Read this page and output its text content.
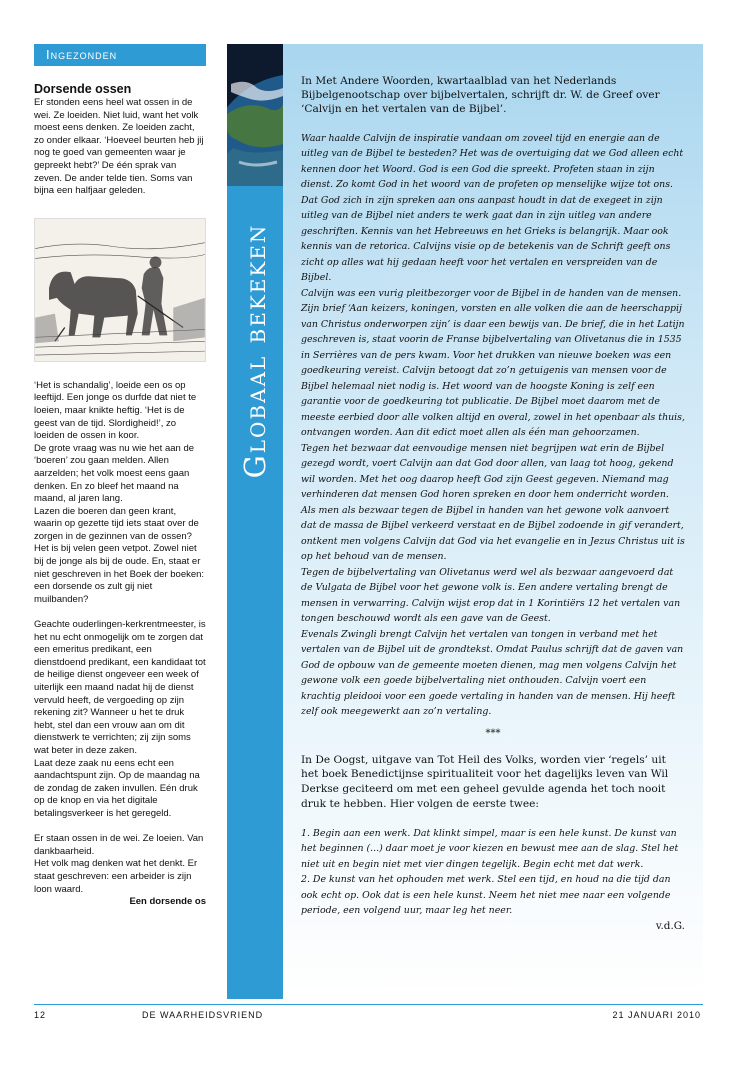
Ingezonden
Dorsende ossen

Er stonden eens heel wat ossen in de wei. Ze loeiden. Niet luid, want het volk moest eens denken. Ze loeiden zacht, zo onder elkaar. ‘Hoeveel beurten heb jij nog te goed van gemeenten waar je gepreekt hebt?’ De één sprak van zeven. De ander telde tien. Soms van bijna een halfjaar geleden.

‘Het is schandalig’, loeide een os op leeftijd. Een jonge os durfde dat niet te loeien, maar knikte heftig. ‘Het is de geest van de tijd. Slordigheid!’, zo loeiden de ossen in koor.

De grote vraag was nu wie het aan de ‘boeren’ zou gaan melden. Allen aarzelden; het volk moest eens gaan denken. En zo bleef het maand na maand, al jaren lang.

Lazen die boeren dan geen krant, waarin op gezette tijd iets staat over de zorgen in de gezinnen van de ossen? Het is bij velen geen vetpot. Zowel niet bij de jonge als bij de oude. En, staat er niet geschreven in het Boek der boeken: een dorsende os zult gij niet muilbanden?

Geachte ouderlingen-kerkrentmeester, is het nu echt onmogelijk om te zorgen dat een emeritus predikant, een dienstdoend predikant, een kandidaat tot de heilige dienst ongeveer een week of uiterlijk een maand nadat hij de dienst vervuld heeft, de vergoeding op zijn rekening zit? Wanneer u het te druk hebt, stel dan een vrouw aan om dit dienstwerk te verrichten; zij zijn soms wat beter in deze zaken.

Laat deze zaak nu eens echt een aandachtspunt zijn. Op de maandag na de zondag de zaken invullen. Eén druk op de knop en via het digitale betalingsverkeer is het geregeld.

Er staan ossen in de wei. Ze loeien. Van dankbaarheid.

Het volk mag denken wat het denkt. Er staat geschreven: een arbeider is zijn loon waard.

Een dorsende os

Globaal bekeken

In Met Andere Woorden, kwartaalblad van het Nederlands Bijbelgenootschap over bijbelvertalen, schrijft dr. W. de Greef over ‘Calvijn en het vertalen van de Bijbel’.

Waar haalde Calvijn de inspiratie vandaan om zoveel tijd en energie aan de uitleg van de Bijbel te besteden? Het was de overtuiging dat we God alleen echt kennen door het Woord. God is een God die spreekt. Profeten staan in zijn dienst. Zo komt God in het woord van de profeten op menselijke wijze tot ons. Dat God zich in zijn spreken aan ons aanpast houdt in dat de exegeet in zijn uitleg van de Bijbel niet anders te werk gaat dan in zijn uitleg van andere geschriften. Kennis van het Hebreeuws en het Grieks is belangrijk. Maar ook kennis van de retorica. Calvijns visie op de betekenis van de Schrift geeft ons zicht op alles wat hij gedaan heeft voor het vertalen en verspreiden van de Bijbel.

Calvijn was een vurig pleitbezorger voor de Bijbel in de handen van de mensen. Zijn brief ‘Aan keizers, koningen, vorsten en alle volken die aan de heerschappij van Christus onderworpen zijn’ is daar een bewijs van. De brief, die in het Latijn geschreven is, staat voorin de Franse bijbelvertaling van Olivetanus die in 1535 in Serrières van de pers kwam. Voor het drukken van nieuwe boeken was een goedkeuring vereist. Calvijn betoogt dat zo’n getuigenis van mensen voor de Bijbel helemaal niet nodig is. Het woord van de hoogste Koning is zelf een garantie voor de goedkeuring tot publicatie. De Bijbel moet daarom met de meeste eerbied door alle volken altijd en overal, zowel in het openbaar als thuis, ontvangen worden. Aan dit edict moet allen als één man gehoorzamen.

Tegen het bezwaar dat eenvoudige mensen niet begrijpen wat erin de Bijbel gezegd wordt, voert Calvijn aan dat God door allen, van laag tot hoog, gekend wil worden. Met het oog daarop heeft God zijn Geest gegeven. Niemand mag verhinderen dat mensen God horen spreken en door hem onderricht worden.

Als men als bezwaar tegen de Bijbel in handen van het gewone volk aanvoert dat de massa de Bijbel verkeerd verstaat en de Bijbel zodoende in gif verandert, ontkent men volgens Calvijn dat God via het evangelie en in Jezus Christus uit is op het behoud van de mensen.

Tegen de bijbelvertaling van Olivetanus werd wel als bezwaar aangevoerd dat de Vulgata de Bijbel voor het gewone volk is. Een andere vertaling brengt de mensen in verwarring. Calvijn wijst erop dat in 1 Korintiërs 12 het vertalen van tongen beschouwd wordt als een gave van de Geest.

Evenals Zwingli brengt Calvijn het vertalen van tongen in verband met het vertalen van de Bijbel uit de grondtekst. Omdat Paulus schrijft dat de gaven van God de opbouw van de gemeente moeten dienen, mag men volgens Calvijn het gewone volk een goede bijbelvertaling niet onthouden. Calvijn voert een krachtig pleidooi voor een goede vertaling in handen van de mensen. Hij heeft zelf ook meegewerkt aan zo’n vertaling.

***

In De Oogst, uitgave van Tot Heil des Volks, worden vier ‘regels’ uit het boek Benedictijnse spiritualiteit voor het dagelijks leven van Wil Derkse geciteerd om met een geheel gevulde agenda het toch nooit druk te hebben. Hier volgen de eerste twee:

1. Begin aan een werk. Dat klinkt simpel, maar is een hele kunst. De kunst van het beginnen (...) daar moet je voor kiezen en bewust mee aan de slag. Stel het niet uit en begin niet met vier dingen tegelijk. Begin echt met dat werk.

2. De kunst van het ophouden met werk. Stel een tijd, en houd na die tijd dan ook echt op. Ook dat is een hele kunst. Neem het niet mee naar een volgende periode, een volgend uur, maar leg het neer.

v.d.G.
12	DE WAARHEIDSVRIEND	21 JANUARI 2010
